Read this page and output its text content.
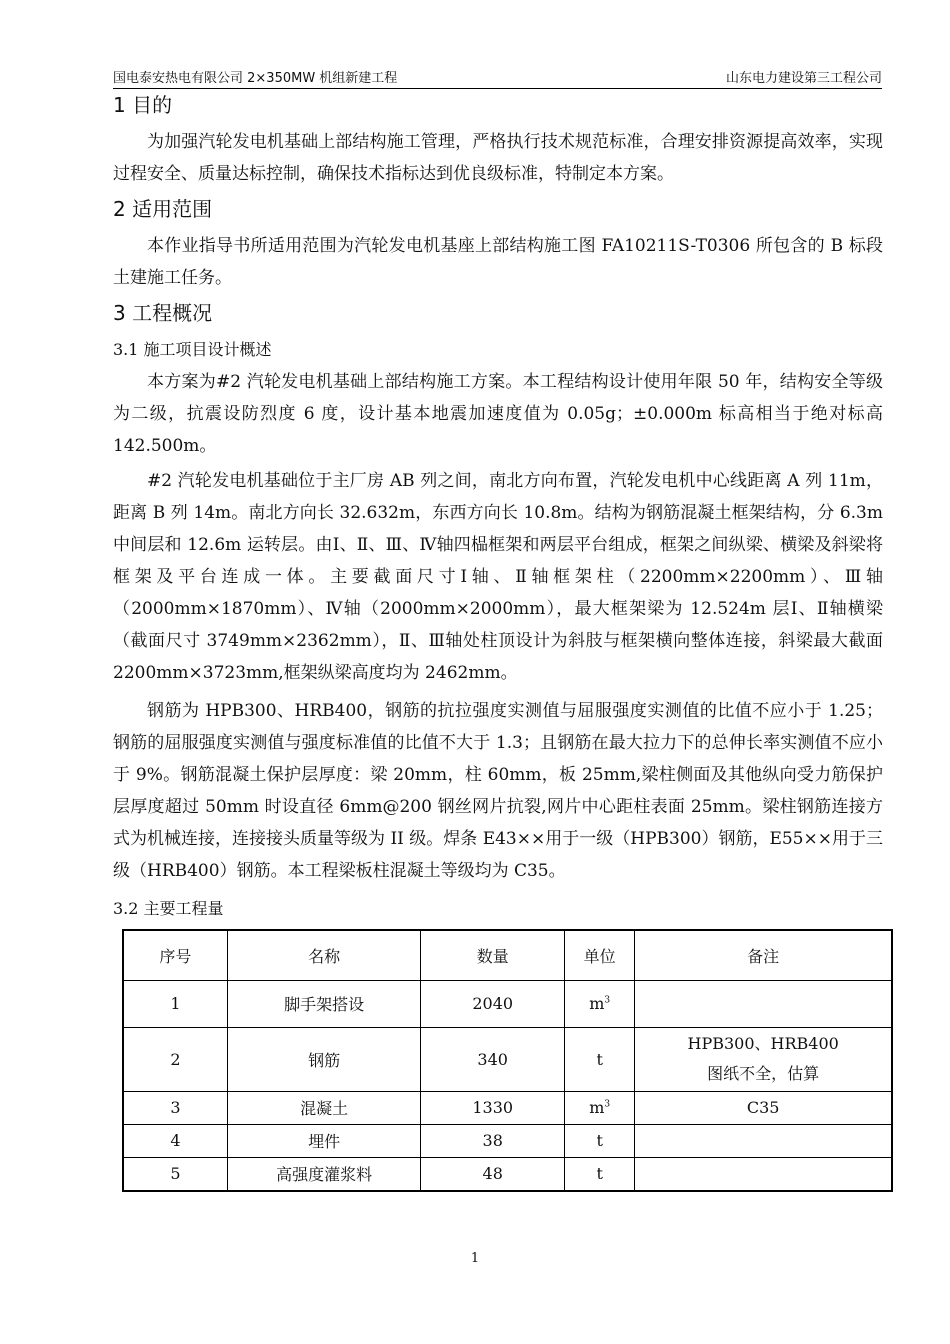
国电泰安热电有限公司 2×350MW 机组新建工程	山东电力建设第三工程公司
1 目的

为加强汽轮发电机基础上部结构施工管理，严格执行技术规范标准，合理安排资源提高效率，实现过程安全、质量达标控制，确保技术指标达到优良级标准，特制定本方案。

2 适用范围

本作业指导书所适用范围为汽轮发电机基座上部结构施工图 FA10211S-T0306 所包含的 B 标段土建施工任务。

3 工程概况

3.1 施工项目设计概述

本方案为#2 汽轮发电机基础上部结构施工方案。本工程结构设计使用年限 50 年，结构安全等级为二级，抗震设防烈度 6 度，设计基本地震加速度值为 0.05g；±0.000m 标高相当于绝对标高 142.500m。

#2 汽轮发电机基础位于主厂房 AB 列之间，南北方向布置，汽轮发电机中心线距离 A 列 11m，距离 B 列 14m。南北方向长 32.632m，东西方向长 10.8m。结构为钢筋混凝土框架结构，分 6.3m 中间层和 12.6m 运转层。由Ⅰ、Ⅱ、Ⅲ、Ⅳ轴四榀框架和两层平台组成，框架之间纵梁、横梁及斜梁将框架及平台连成一体。主要截面尺寸Ⅰ轴、Ⅱ轴框架柱（2200mm×2200mm）、Ⅲ轴（2000mm×1870mm）、Ⅳ轴（2000mm×2000mm），最大框架梁为 12.524m 层Ⅰ、Ⅱ轴横梁（截面尺寸 3749mm×2362mm），Ⅱ、Ⅲ轴处柱顶设计为斜肢与框架横向整体连接，斜梁最大截面 2200mm×3723mm,框架纵梁高度均为 2462mm。

钢筋为 HPB300、HRB400，钢筋的抗拉强度实测值与屈服强度实测值的比值不应小于 1.25；钢筋的屈服强度实测值与强度标准值的比值不大于 1.3；且钢筋在最大拉力下的总伸长率实测值不应小于 9%。钢筋混凝土保护层厚度：梁 20mm，柱 60mm，板 25mm,梁柱侧面及其他纵向受力筋保护层厚度超过 50mm 时设直径 6mm@200 钢丝网片抗裂,网片中心距柱表面 25mm。梁柱钢筋连接方式为机械连接，连接接头质量等级为 II 级。焊条 E43××用于一级（HPB300）钢筋，E55××用于三级（HRB400）钢筋。本工程梁板柱混凝土等级均为 C35。

3.2 主要工程量

序号	名称	数量	单位	备注
1	脚手架搭设	2040	$m^3$	
2	钢筋	340	t	HPB300、HRB400
图纸不全，估算

3	混凝土	1330	$m^3$	C35
4	埋件	38	t	
5	高强度灌浆料	48	t	
1
